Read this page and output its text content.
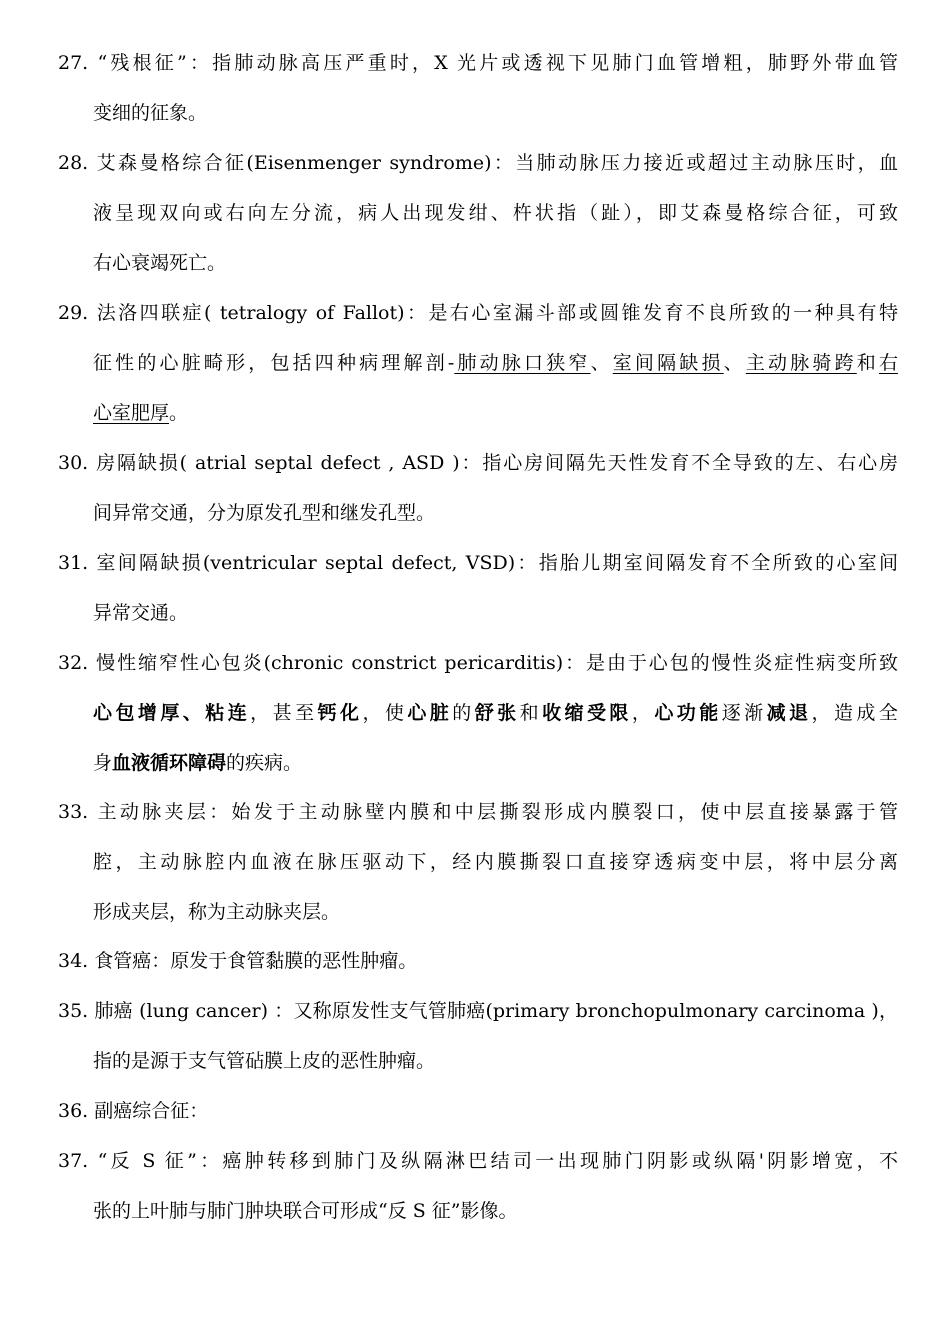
27. “残根征”：指肺动脉高压严重时，X 光片或透视下见肺门血管增粗，肺野外带血管
变细的征象。
28. 艾森曼格综合征(Eisenmenger syndrome)：当肺动脉压力接近或超过主动脉压时，血
液呈现双向或右向左分流，病人出现发绀、杵状指（趾），即艾森曼格综合征，可致
右心衰竭死亡。
29. 法洛四联症( tetralogy of Fallot)：是右心室漏斗部或圆锥发育不良所致的一种具有特
征性的心脏畸形，包括四种病理解剖-肺动脉口狭窄、室间隔缺损、主动脉骑跨和右
心室肥厚。
30. 房隔缺损( atrial septal defect , ASD )：指心房间隔先天性发育不全导致的左、右心房
间异常交通，分为原发孔型和继发孔型。
31. 室间隔缺损(ventricular septal defect, VSD)：指胎儿期室间隔发育不全所致的心室间
异常交通。
32. 慢性缩窄性心包炎(chronic constrict pericarditis)：是由于心包的慢性炎症性病变所致
心包增厚、粘连，甚至钙化，使心脏的舒张和收缩受限，心功能逐渐减退，造成全
身血液循环障碍的疾病。
33. 主动脉夹层：始发于主动脉壁内膜和中层撕裂形成内膜裂口，使中层直接暴露于管
腔，主动脉腔内血液在脉压驱动下，经内膜撕裂口直接穿透病变中层，将中层分离
形成夹层，称为主动脉夹层。
34. 食管癌：原发于食管黏膜的恶性肿瘤。
35. 肺癌 (lung cancer) ：又称原发性支气管肺癌(primary bronchopulmonary carcinoma )，
指的是源于支气管砧膜上皮的恶性肿瘤。
36. 副癌综合征：
37. “反 S 征”：癌肿转移到肺门及纵隔淋巴结司一出现肺门阴影或纵隔'阴影增宽，不
张的上叶肺与肺门肿块联合可形成“反 S 征”影像。
